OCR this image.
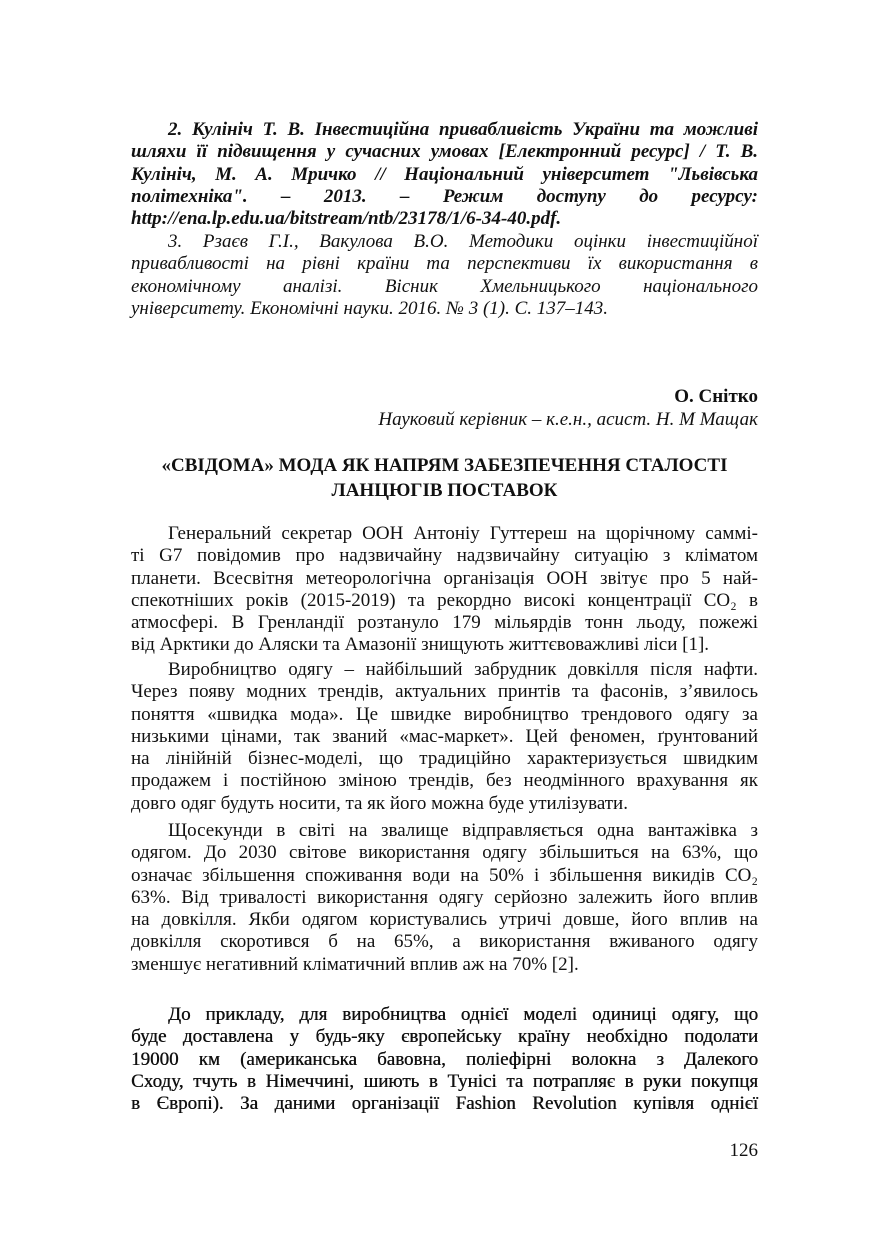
2. Кулініч Т. В. Інвестиційна привабливість України та можливі
шляхи її підвищення у сучасних умовах [Електронний ресурс] / Т. В.
Кулініч, М. А. Мричко // Національний університет "Львівська
політехніка". – 2013. – Режим доступу до ресурсу:
http://ena.lp.edu.ua/bitstream/ntb/23178/1/6-34-40.pdf.
3. Рзаєв Г.І., Вакулова В.О. Методики оцінки інвестиційної
привабливості на рівні країни та перспективи їх використання в
економічному аналізі. Вісник Хмельницького національного
університету. Економічні науки. 2016. № 3 (1). С. 137–143.
О. Снітко
Науковий керівник – к.е.н., асист. Н. М Мащак
«СВІДОМА» МОДА ЯК НАПРЯМ ЗАБЕЗПЕЧЕННЯ СТАЛОСТІ
ЛАНЦЮГІВ ПОСТАВОК
Генеральний секретар ООН Антоніу Гуттереш на щорічному саммі-
ті G7 повідомив про надзвичайну надзвичайну ситуацію з кліматом
планети. Всесвітня метеорологічна організація ООН звітує про 5 най-
спекотніших років (2015-2019) та рекордно високі концентрації CO₂ в
атмосфері. В Гренландії розтануло 179 мільярдів тонн льоду, пожежі
від Арктики до Аляски та Амазонії знищують життєвоважливі ліси [1].
Виробництво одягу – найбільший забрудник довкілля після нафти.
Через появу модних трендів, актуальних принтів та фасонів, з’явилось
поняття «швидка мода». Це швидке виробництво трендового одягу за
низькими цінами, так званий «мас-маркет». Цей феномен, ґрунтований
на лінійній бізнес-моделі, що традиційно характеризується швидким
продажем і постійною зміною трендів, без неодмінного врахування як
довго одяг будуть носити, та як його можна буде утилізувати.
Щосекунди в світі на звалище відправляється одна вантажівка з
одягом. До 2030 світове використання одягу збільшиться на 63%, що
означає збільшення споживання води на 50% і збільшення викидів CO₂
63%. Від тривалості використання одягу серйозно залежить його вплив
на довкілля. Якби одягом користувались утричі довше, його вплив на
довкілля скоротився б на 65%, а використання вживаного одягу
зменшує негативний кліматичний вплив аж на 70% [2].
До прикладу, для виробництва однієї моделі одиниці одягу, що
буде доставлена у будь-яку європейську країну необхідно подолати
19000 км (американська бавовна, поліефірні волокна з Далекого
Сходу, тчуть в Німеччині, шиють в Тунісі та потрапляє в руки покупця
в Європі). За даними організації Fashion Revolution купівля однієї
126
